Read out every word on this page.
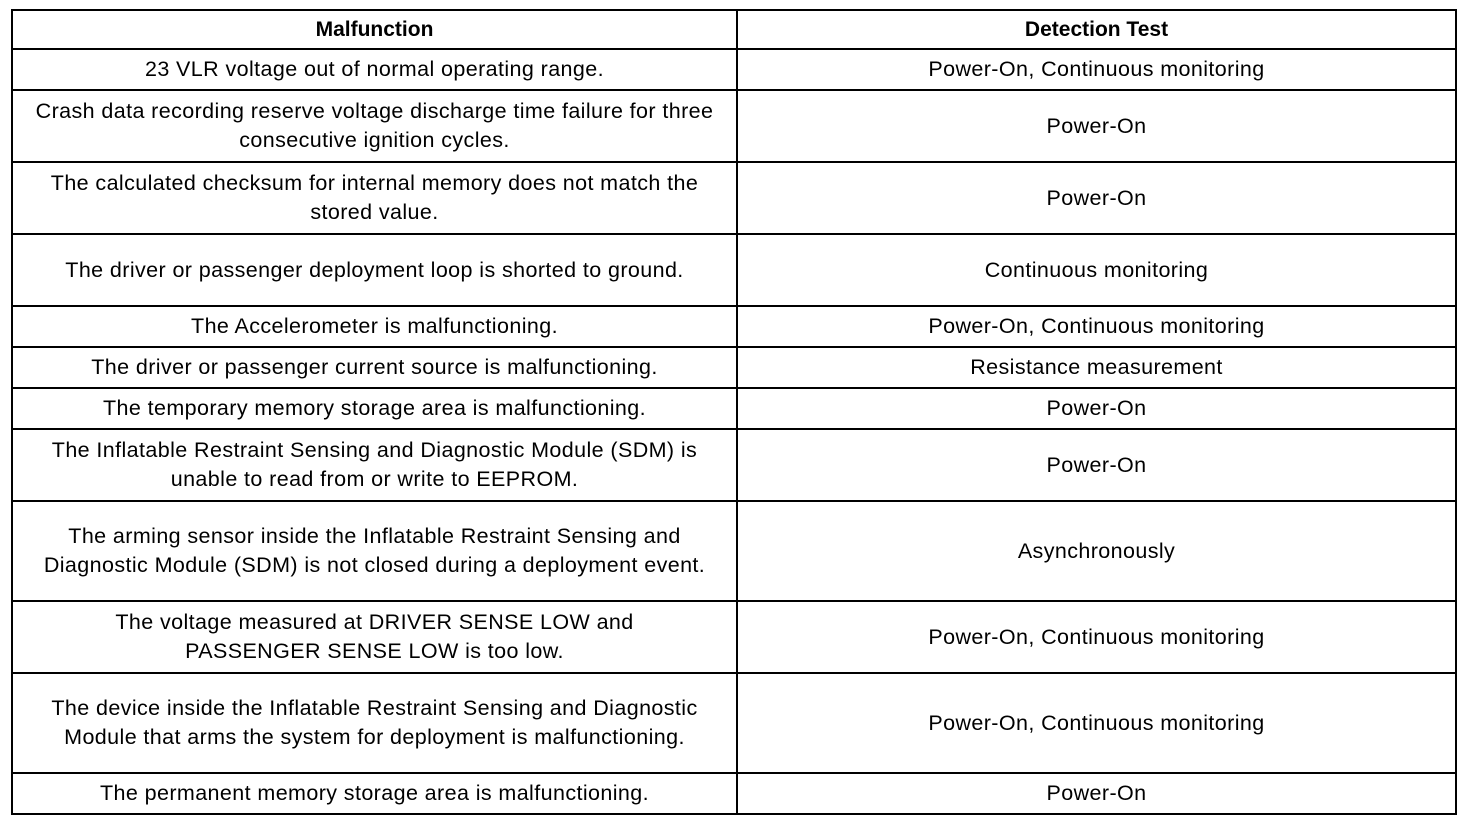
Malfunction	Detection Test
23 VLR voltage out of normal operating range.	Power-On, Continuous monitoring
Crash data recording reserve voltage discharge time failure for three consecutive ignition cycles.	Power-On
The calculated checksum for internal memory does not match the stored value.	Power-On
The driver or passenger deployment loop is shorted to ground.	Continuous monitoring
The Accelerometer is malfunctioning.	Power-On, Continuous monitoring
The driver or passenger current source is malfunctioning.	Resistance measurement
The temporary memory storage area is malfunctioning.	Power-On
The Inflatable Restraint Sensing and Diagnostic Module (SDM) is unable to read from or write to EEPROM.	Power-On
The arming sensor inside the Inflatable Restraint Sensing and Diagnostic Module (SDM) is not closed during a deployment event.	Asynchronously
The voltage measured at DRIVER SENSE LOW and PASSENGER SENSE LOW is too low.	Power-On, Continuous monitoring
The device inside the Inflatable Restraint Sensing and Diagnostic Module that arms the system for deployment is malfunctioning.	Power-On, Continuous monitoring
The permanent memory storage area is malfunctioning.	Power-On
